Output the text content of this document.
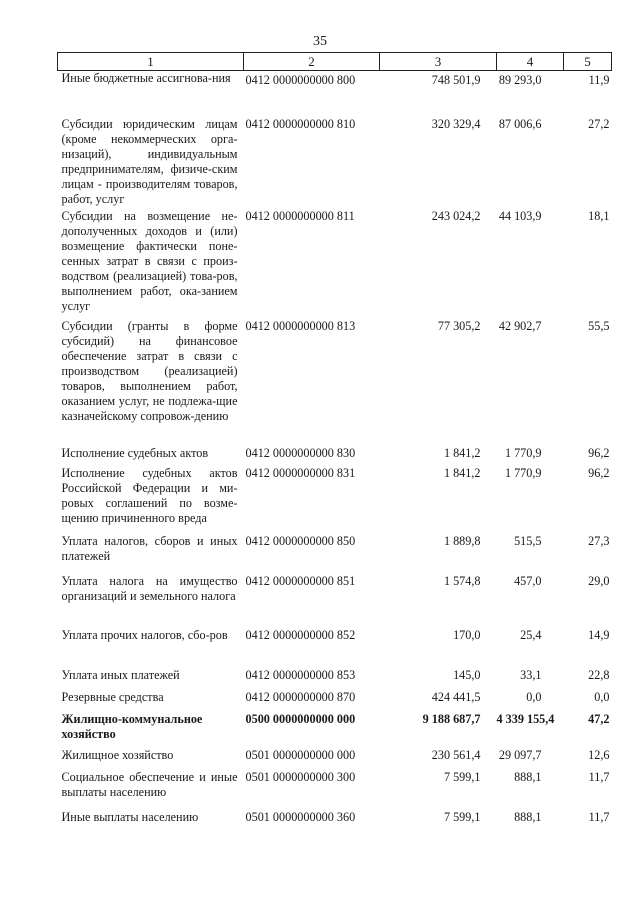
35
1	2	3	4	5
Иные бюджетные ассигнова-ния	0412 0000000000 800	748 501,9	89 293,0	11,9
Субсидии юридическим лицам (кроме некоммерческих орга-низаций), индивидуальным предпринимателям, физиче-ским лицам - производителям товаров, работ, услуг	0412 0000000000 810	320 329,4	87 006,6	27,2
Субсидии на возмещение не-дополученных доходов и (или) возмещение фактически поне-сенных затрат в связи с произ-водством (реализацией) това-ров, выполнением работ, ока-занием услуг	0412 0000000000 811	243 024,2	44 103,9	18,1
Субсидии (гранты в форме субсидий) на финансовое обеспечение затрат в связи с производством (реализацией) товаров, выполнением работ, оказанием услуг, не подлежа-щие казначейскому сопровож-дению	0412 0000000000 813	77 305,2	42 902,7	55,5
Исполнение судебных актов	0412 0000000000 830	1 841,2	1 770,9	96,2
Исполнение судебных актов Российской Федерации и ми-ровых соглашений по возме-щению причиненного вреда	0412 0000000000 831	1 841,2	1 770,9	96,2
Уплата налогов, сборов и иных платежей	0412 0000000000 850	1 889,8	515,5	27,3
Уплата налога на имущество организаций и земельного налога	0412 0000000000 851	1 574,8	457,0	29,0
Уплата прочих налогов, сбо-ров	0412 0000000000 852	170,0	25,4	14,9
Уплата иных платежей	0412 0000000000 853	145,0	33,1	22,8
Резервные средства	0412 0000000000 870	424 441,5	0,0	0,0
Жилищно-коммунальное хозяйство	0500 0000000000 000	9 188 687,7	4 339 155,4	47,2
Жилищное хозяйство	0501 0000000000 000	230 561,4	29 097,7	12,6
Социальное обеспечение и иные выплаты населению	0501 0000000000 300	7 599,1	888,1	11,7
Иные выплаты населению	0501 0000000000 360	7 599,1	888,1	11,7
